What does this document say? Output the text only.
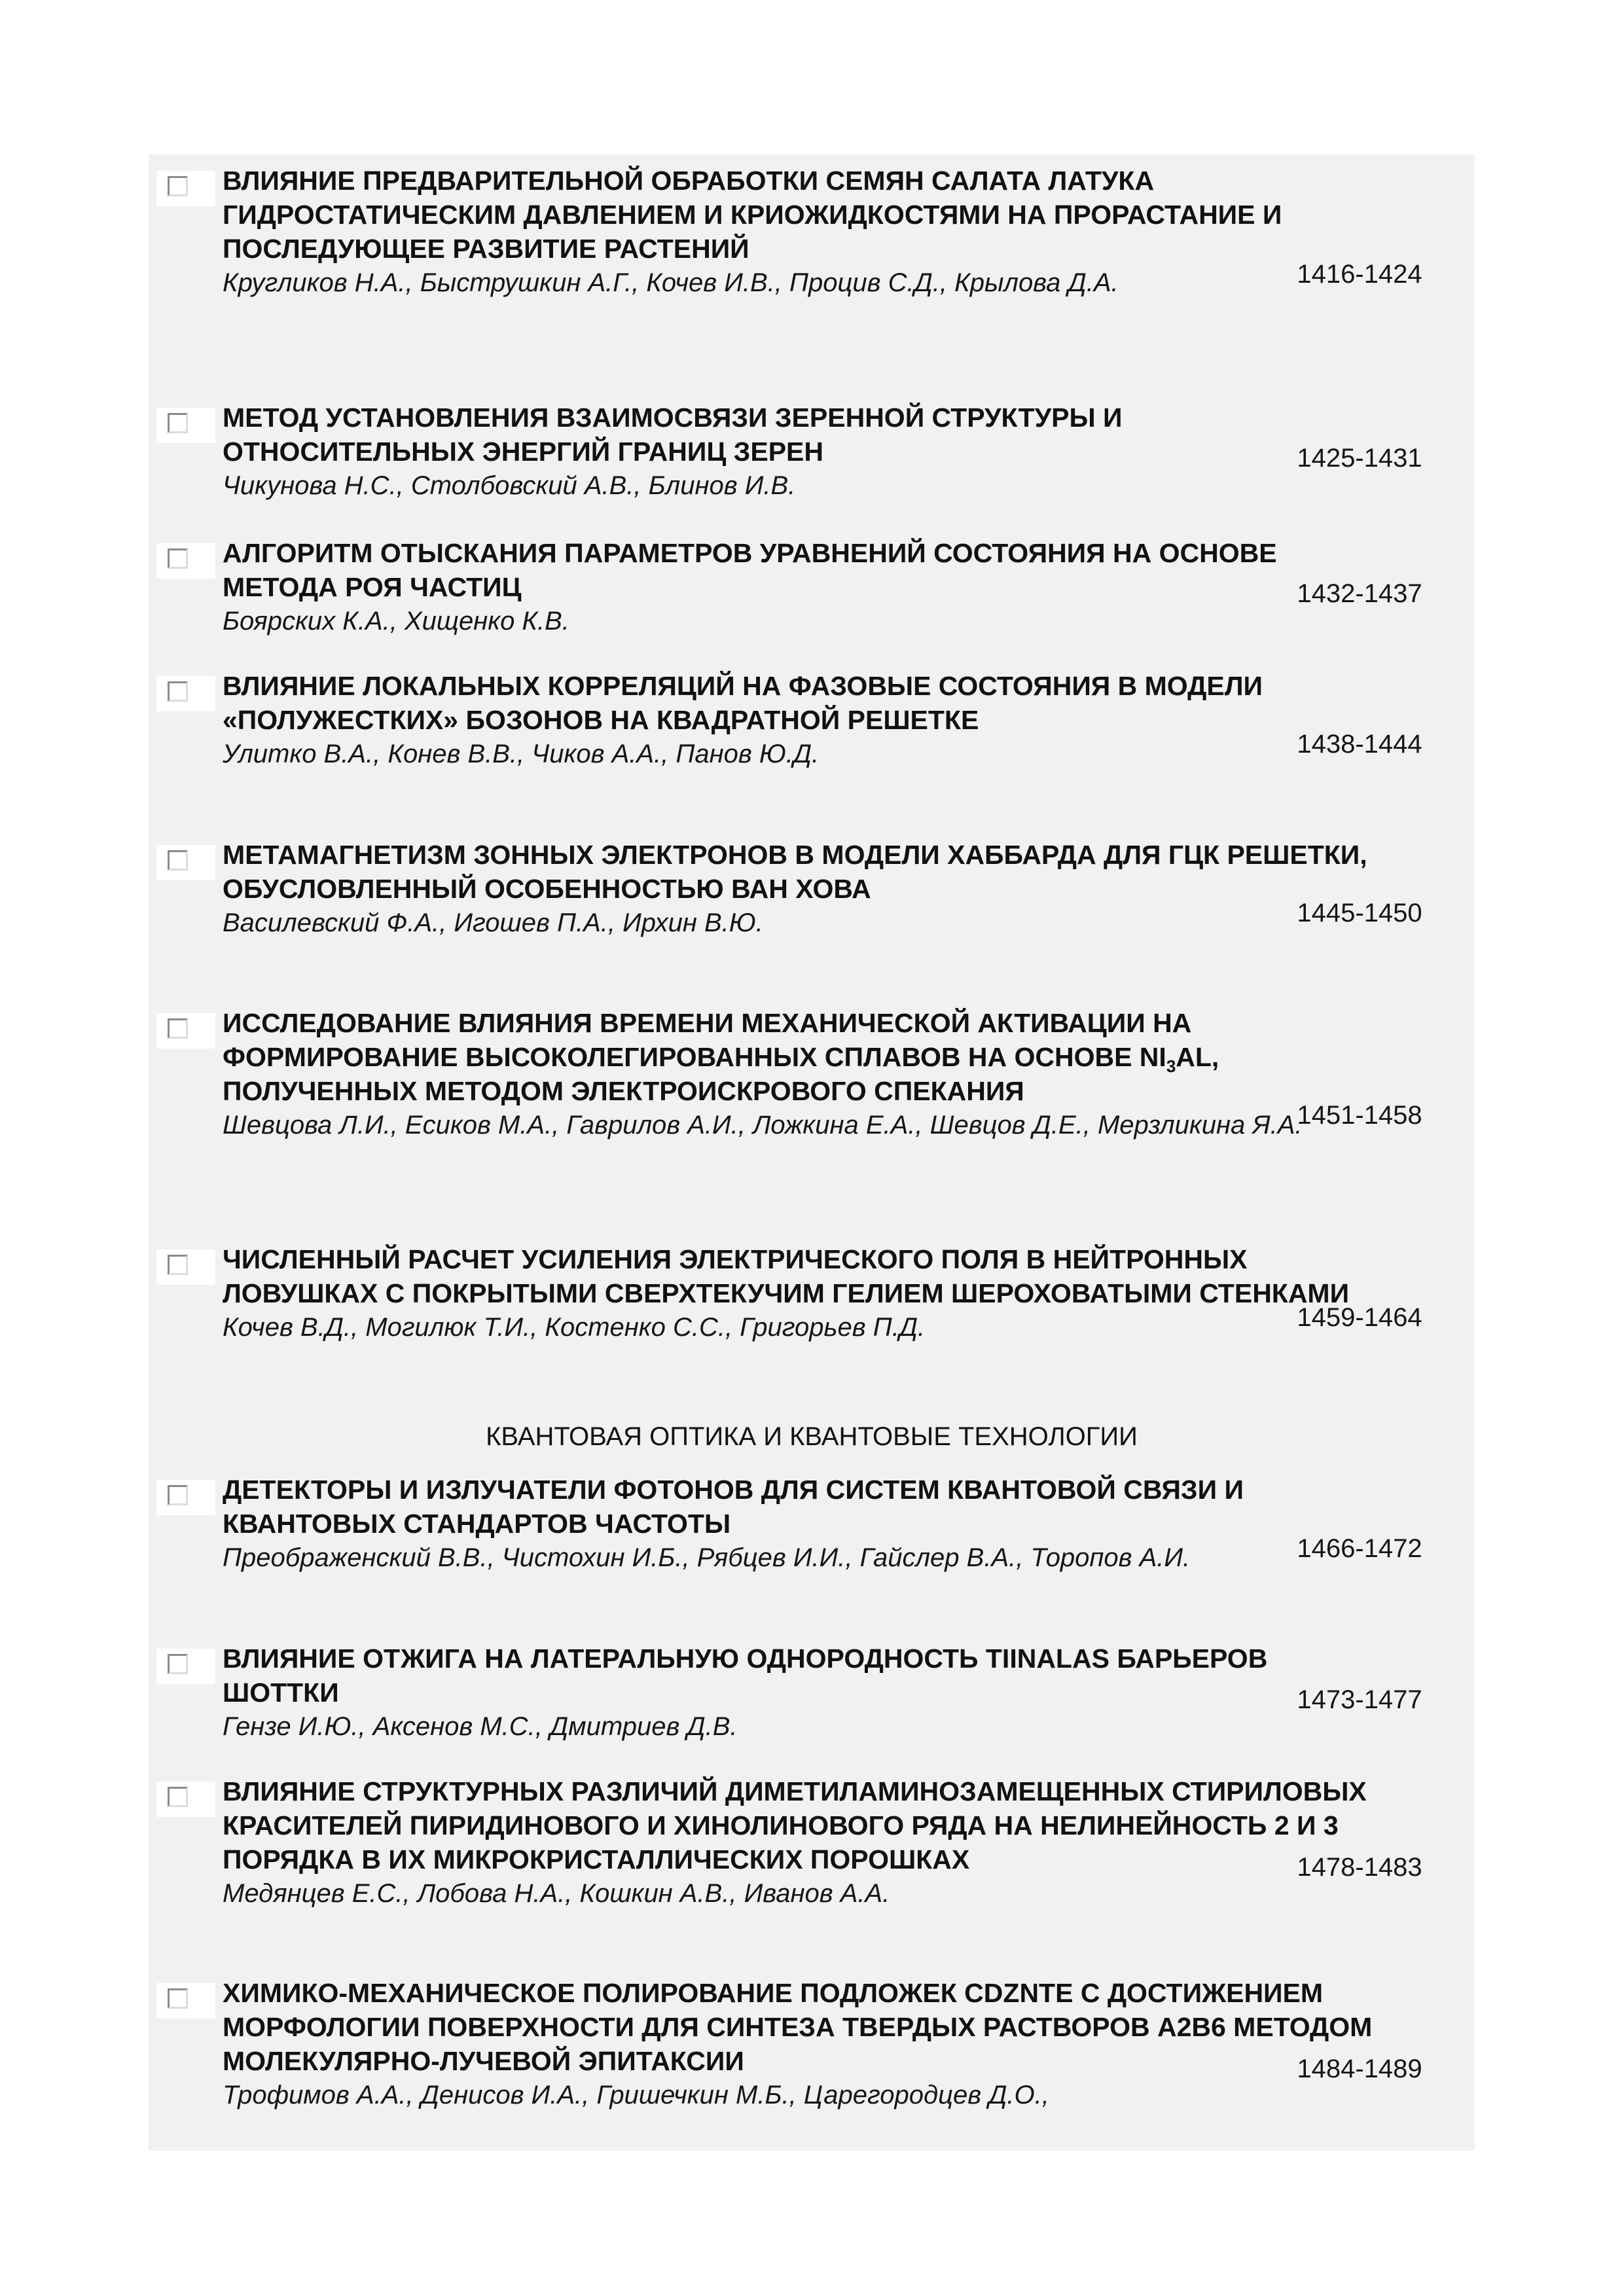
ВЛИЯНИЕ ПРЕДВАРИТЕЛЬНОЙ ОБРАБОТКИ СЕМЯН САЛАТА ЛАТУКА ГИДРОСТАТИЧЕСКИМ ДАВЛЕНИЕМ И КРИОЖИДКОСТЯМИ НА ПРОРАСТАНИЕ И ПОСЛЕДУЮЩЕЕ РАЗВИТИЕ РАСТЕНИЙ
Кругликов Н.А., Быструшкин А.Г., Кочев И.В., Процив С.Д., Крылова Д.А.	1416-1424
МЕТОД УСТАНОВЛЕНИЯ ВЗАИМОСВЯЗИ ЗЕРЕННОЙ СТРУКТУРЫ И ОТНОСИТЕЛЬНЫХ ЭНЕРГИЙ ГРАНИЦ ЗЕРЕН
Чикунова Н.С., Столбовский А.В., Блинов И.В.
1425-1431
АЛГОРИТМ ОТЫСКАНИЯ ПАРАМЕТРОВ УРАВНЕНИЙ СОСТОЯНИЯ НА ОСНОВЕ МЕТОДА РОЯ ЧАСТИЦ
Боярских К.А., Хищенко К.В.
1432-1437
ВЛИЯНИЕ ЛОКАЛЬНЫХ КОРРЕЛЯЦИЙ НА ФАЗОВЫЕ СОСТОЯНИЯ В МОДЕЛИ «ПОЛУЖЕСТКИХ» БОЗОНОВ НА КВАДРАТНОЙ РЕШЕТКЕ
Улитко В.А., Конев В.В., Чиков А.А., Панов Ю.Д.	1438-1444
МЕТАМАГНЕТИЗМ ЗОННЫХ ЭЛЕКТРОНОВ В МОДЕЛИ ХАББАРДА ДЛЯ ГЦК РЕШЕТКИ, ОБУСЛОВЛЕННЫЙ ОСОБЕННОСТЬЮ ВАН ХОВА
Василевский Ф.А., Игошев П.А., Ирхин В.Ю.	1445-1450
ИССЛЕДОВАНИЕ ВЛИЯНИЯ ВРЕМЕНИ МЕХАНИЧЕСКОЙ АКТИВАЦИИ НА ФОРМИРОВАНИЕ ВЫСОКОЛЕГИРОВАННЫХ СПЛАВОВ НА ОСНОВЕ $NI_3AL$, ПОЛУЧЕННЫХ МЕТОДОМ ЭЛЕКТРОИСКРОВОГО СПЕКАНИЯ
Шевцова Л.И., Есиков М.А., Гаврилов А.И., Ложкина Е.А., Шевцов Д.Е., Мерзликина Я.А.
1451-1458
ЧИСЛЕННЫЙ РАСЧЕТ УСИЛЕНИЯ ЭЛЕКТРИЧЕСКОГО ПОЛЯ В НЕЙТРОННЫХ ЛОВУШКАХ С ПОКРЫТЫМИ СВЕРХТЕКУЧИМ ГЕЛИЕМ ШЕРОХОВАТЫМИ СТЕНКАМИ
Кочев В.Д., Могилюк Т.И., Костенко С.С., Григорьев П.Д.	1459-1464
КВАНТОВАЯ ОПТИКА И КВАНТОВЫЕ ТЕХНОЛОГИИ
ДЕТЕКТОРЫ И ИЗЛУЧАТЕЛИ ФОТОНОВ ДЛЯ СИСТЕМ КВАНТОВОЙ СВЯЗИ И КВАНТОВЫХ СТАНДАРТОВ ЧАСТОТЫ
Преображенский В.В., Чистохин И.Б., Рябцев И.И., Гайслер В.А., Торопов А.И.	1466-1472
ВЛИЯНИЕ ОТЖИГА НА ЛАТЕРАЛЬНУЮ ОДНОРОДНОСТЬ TIINALAS БАРЬЕРОВ ШОТТКИ
Гензе И.Ю., Аксенов М.С., Дмитриев Д.В.
1473-1477
ВЛИЯНИЕ СТРУКТУРНЫХ РАЗЛИЧИЙ ДИМЕТИЛАМИНОЗАМЕЩЕННЫХ СТИРИЛОВЫХ КРАСИТЕЛЕЙ ПИРИДИНОВОГО И ХИНОЛИНОВОГО РЯДА НА НЕЛИНЕЙНОСТЬ 2 И 3 ПОРЯДКА В ИХ МИКРОКРИСТАЛЛИЧЕСКИХ ПОРОШКАХ
Медянцев Е.С., Лобова Н.А., Кошкин А.В., Иванов А.А.
1478-1483
ХИМИКО-МЕХАНИЧЕСКОЕ ПОЛИРОВАНИЕ ПОДЛОЖЕК CDZNTE С ДОСТИЖЕНИЕМ МОРФОЛОГИИ ПОВЕРХНОСТИ ДЛЯ СИНТЕЗА ТВЕРДЫХ РАСТВОРОВ A2B6 МЕТОДОМ МОЛЕКУЛЯРНО-ЛУЧЕВОЙ ЭПИТАКСИИ
Трофимов А.А., Денисов И.А., Гришечкин М.Б., Царегородцев Д.О.,
1484-1489
